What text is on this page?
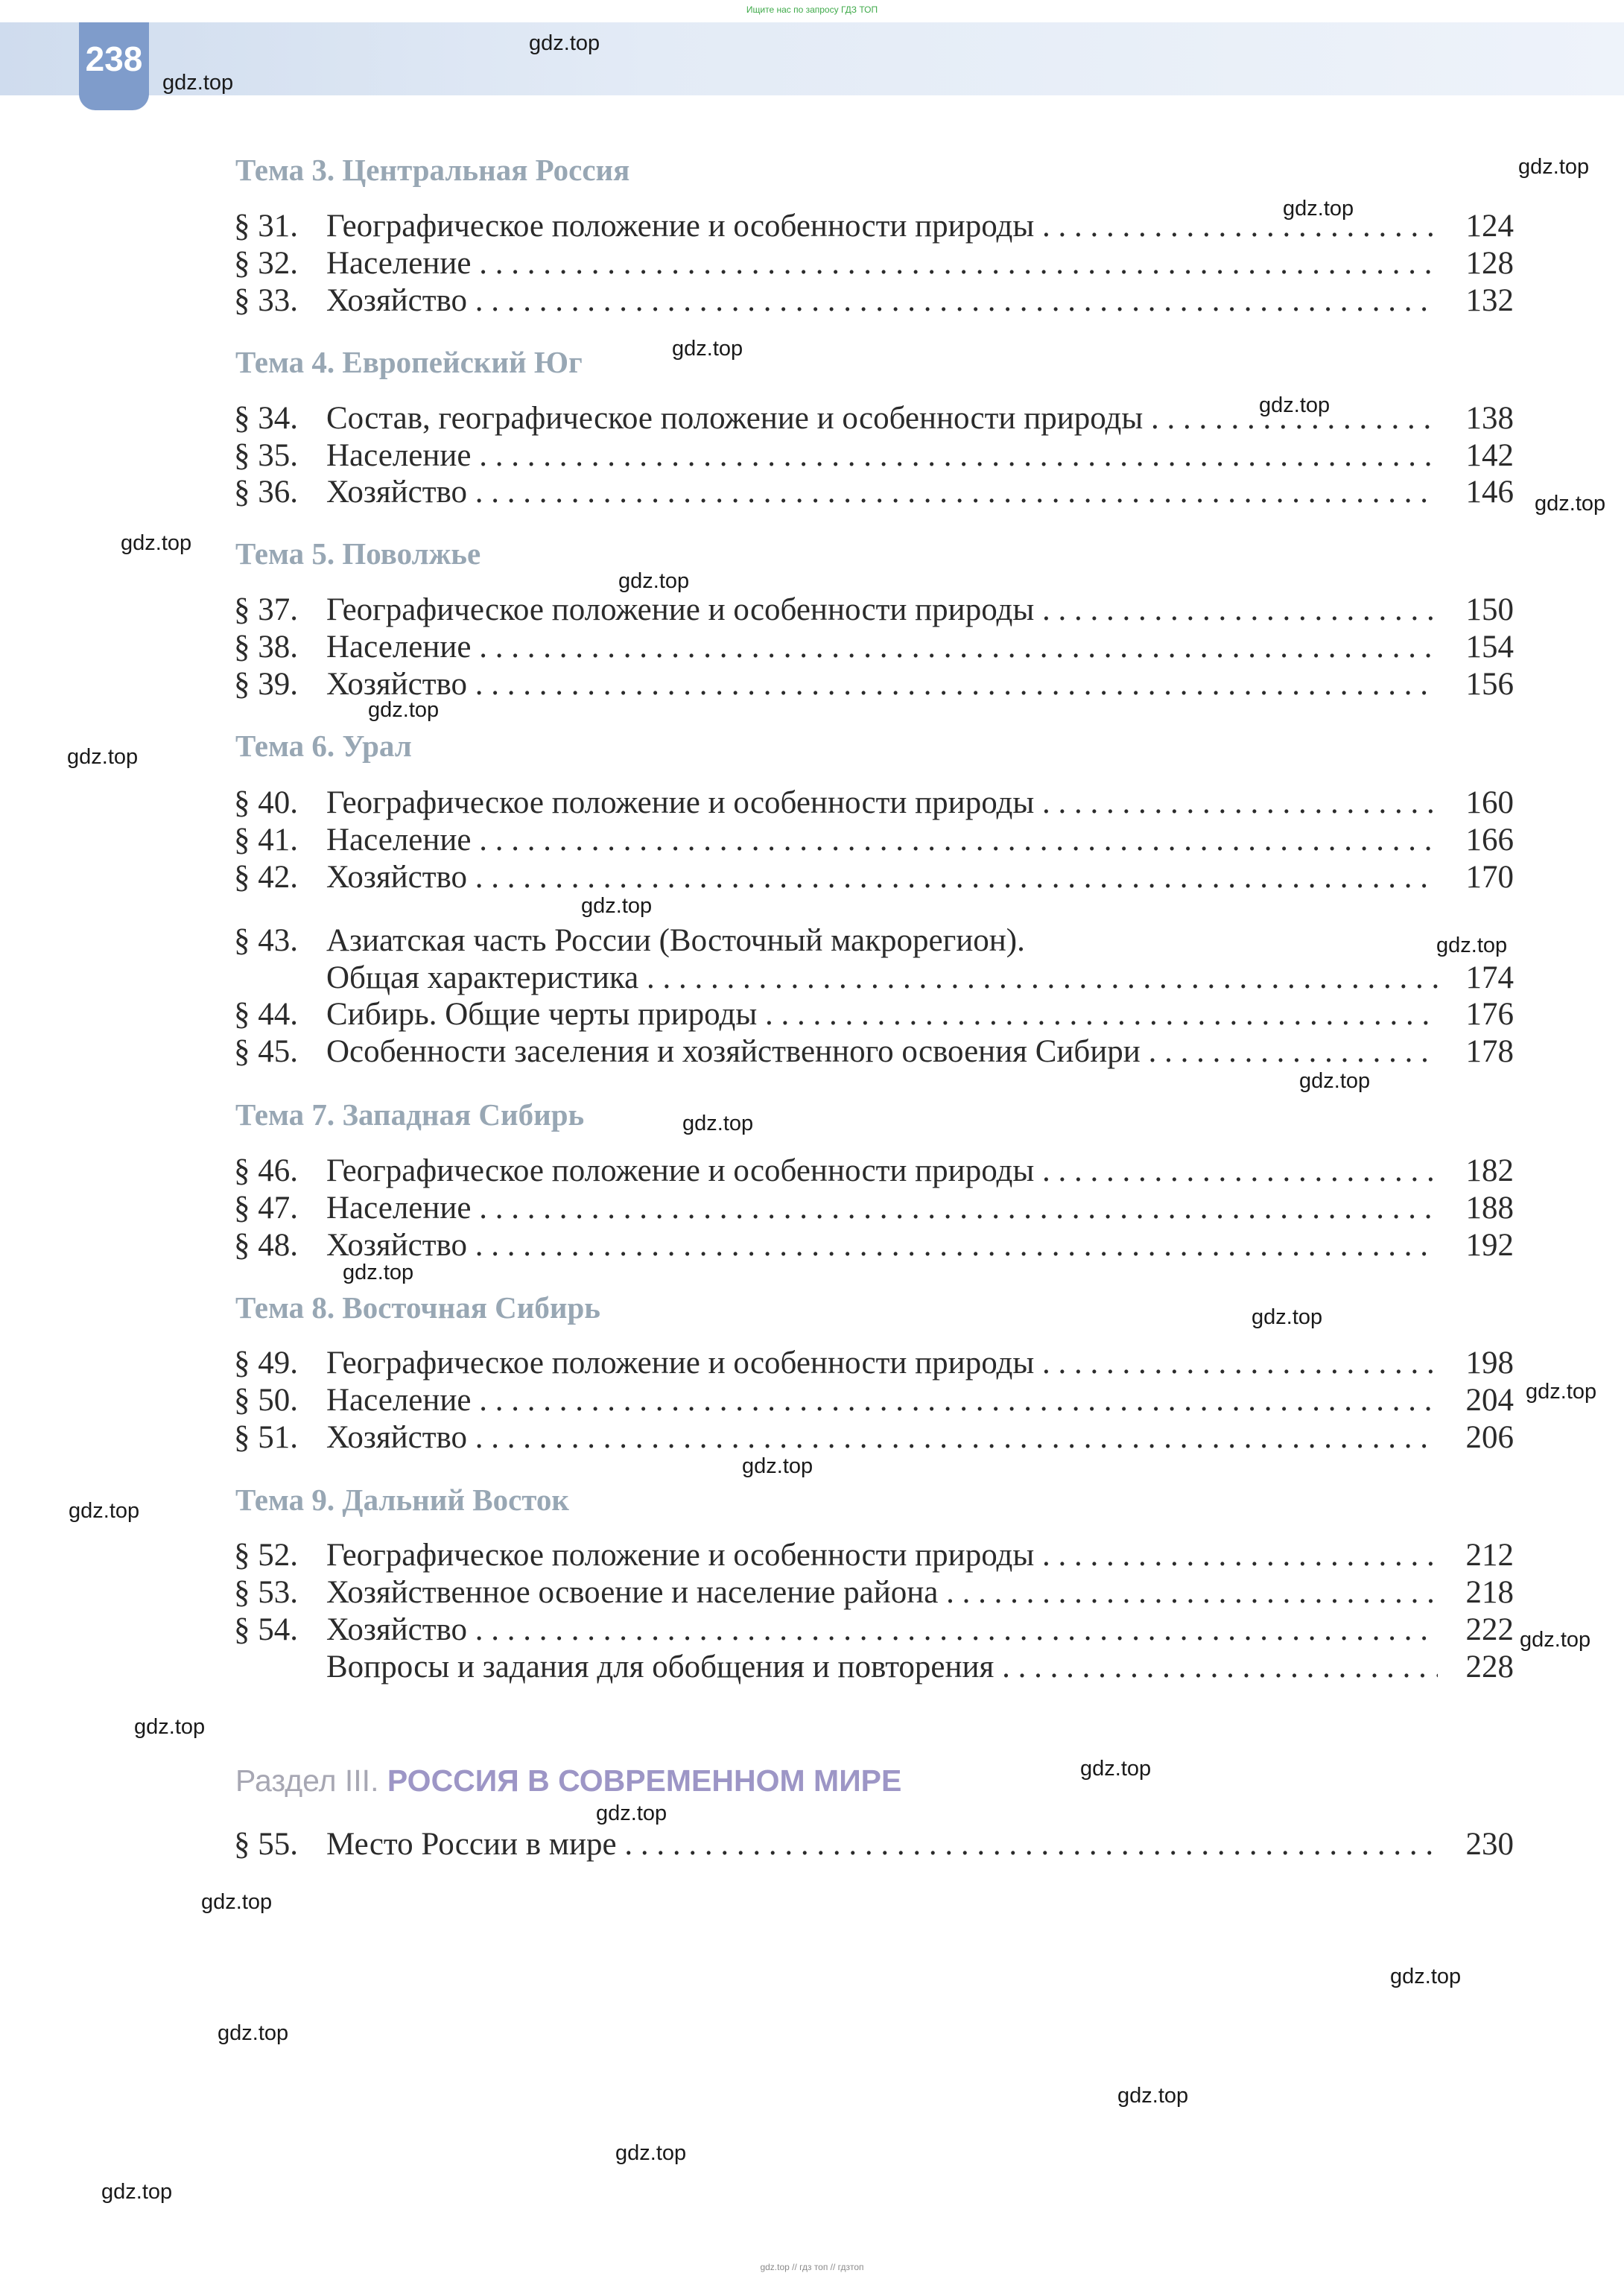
238
Ищите нас по запросу ГДЗ ТОП
gdz.top // гдз топ // гдзтоп
Тема 3. Центральная Россия
§ 31. Географическое положение и особенности природы . . .	124
§ 32. Население . . .	128
§ 33. Хозяйство . . .	132
Тема 4. Европейский Юг
§ 34. Состав, географическое положение и особенности природы . . .	138
§ 35. Население . . .	142
§ 36. Хозяйство . . .	146
Тема 5. Поволжье
§ 37. Географическое положение и особенности природы . . .	150
§ 38. Население . . .	154
§ 39. Хозяйство . . .	156
Тема 6. Урал
§ 40. Географическое положение и особенности природы . . .	160
§ 41. Население . . .	166
§ 42. Хозяйство . . .	170
§ 43. Азиатская часть России (Восточный макрорегион).
Общая характеристика . . .	174
§ 44. Сибирь. Общие черты природы . . .	176
§ 45. Особенности заселения и хозяйственного освоения Сибири . . .	178
Тема 7. Западная Сибирь
§ 46. Географическое положение и особенности природы . . .	182
§ 47. Население . . .	188
§ 48. Хозяйство . . .	192
Тема 8. Восточная Сибирь
§ 49. Географическое положение и особенности природы . . .	198
§ 50. Население . . .	204
§ 51. Хозяйство . . .	206
Тема 9. Дальний Восток
§ 52. Географическое положение и особенности природы . . .	212
§ 53. Хозяйственное освоение и население района . . .	218
§ 54. Хозяйство . . .	222
Вопросы и задания для обобщения и повторения . . .	228
Раздел III. РОССИЯ В СОВРЕМЕННОМ МИРЕ
§ 55. Место России в мире . . .	230
gdz.top
gdz.top
gdz.top
gdz.top
gdz.top
gdz.top
gdz.top
gdz.top
gdz.top
gdz.top
gdz.top
gdz.top
gdz.top
gdz.top
gdz.top
gdz.top
gdz.top
gdz.top
gdz.top
gdz.top
gdz.top
gdz.top
gdz.top
gdz.top
gdz.top
gdz.top
gdz.top
gdz.top
gdz.top
gdz.top
